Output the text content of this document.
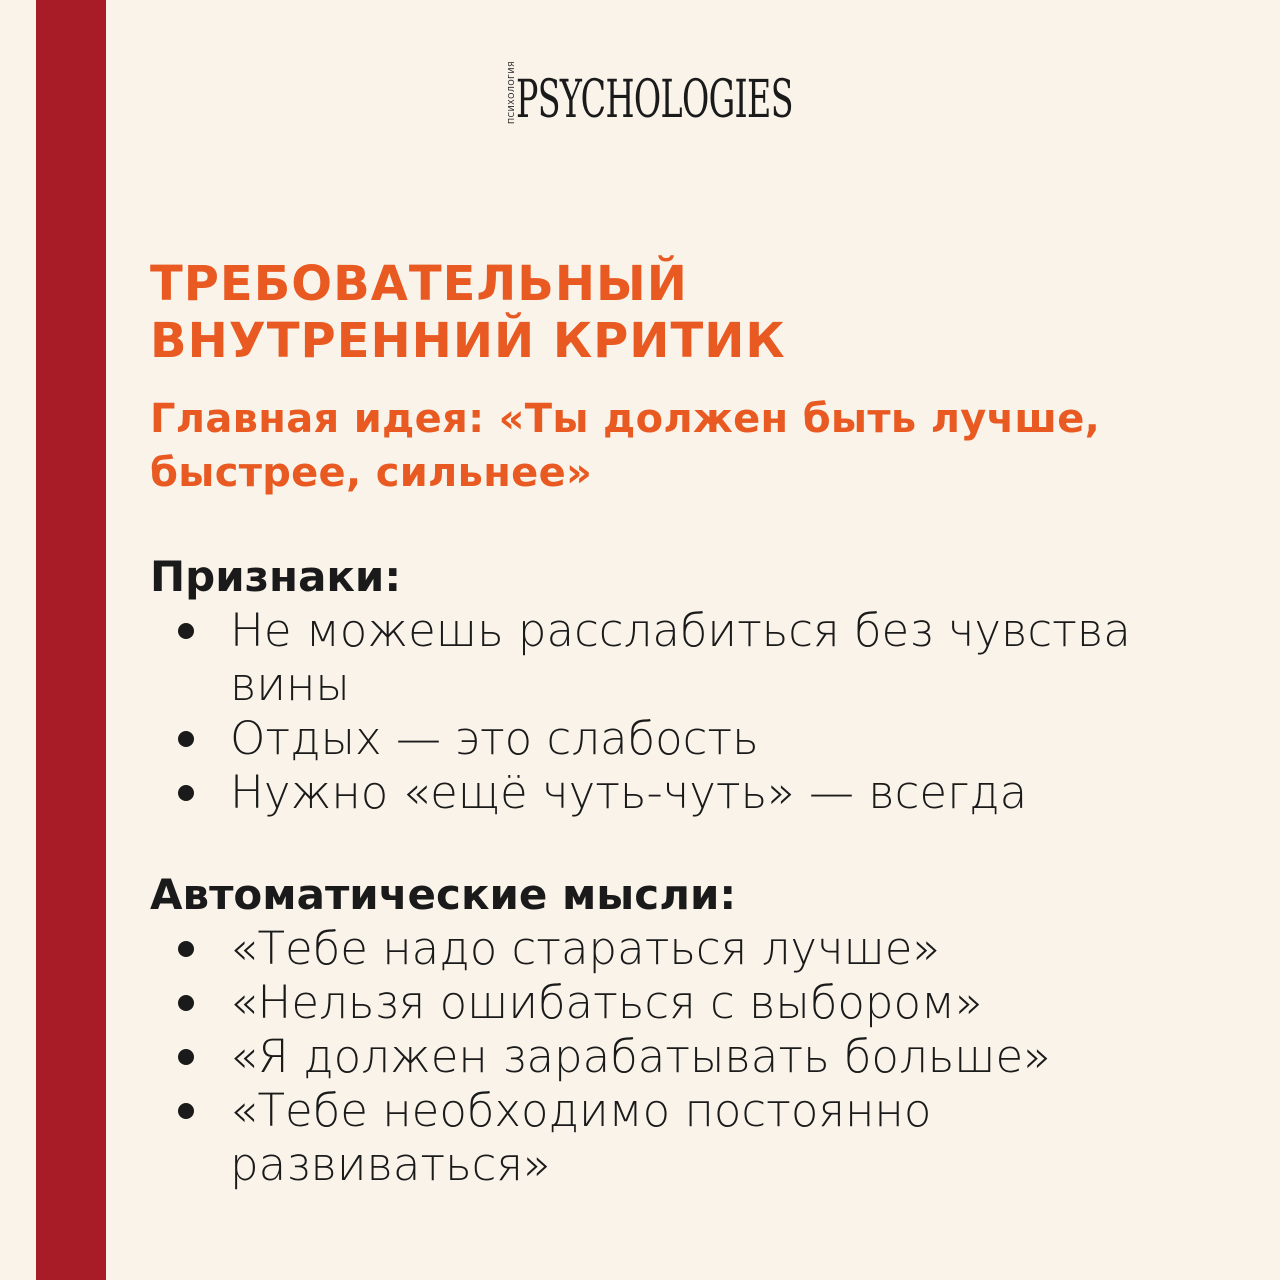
ПСИХОЛОГИЯ PSYCHOLOGIES
ТРЕБОВАТЕЛЬНЫЙ
ВНУТРЕННИЙ КРИТИК

Главная идея: «Ты должен быть лучше,
быстрее, сильнее»

Признаки:
Не можешь расслабиться без чувства
вины
Отдых — это слабость
Нужно «ещё чуть-чуть» — всегда
Автоматические мысли:
«Тебе надо стараться лучше»
«Нельзя ошибаться с выбором»
«Я должен зарабатывать больше»
«Тебе необходимо постоянно
развиваться»
